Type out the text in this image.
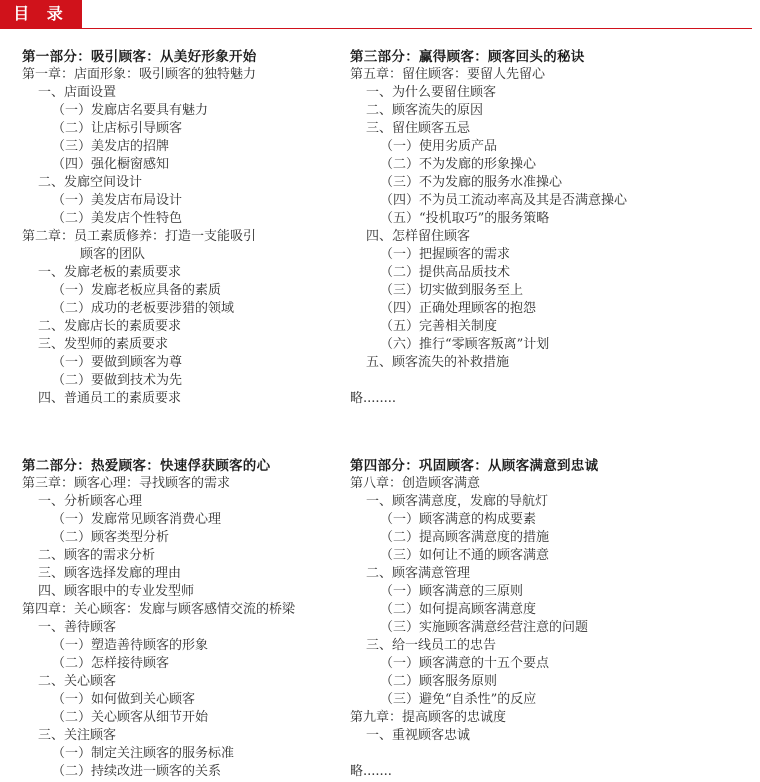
目 录
第一部分：吸引顾客：从美好形象开始
第一章：店面形象：吸引顾客的独特魅力
一、店面设置
（一）发廊店名要具有魅力
（二）让店标引导顾客
（三）美发店的招牌
（四）强化橱窗感知
二、发廊空间设计
（一）美发店布局设计
（二）美发店个性特色
第二章：员工素质修养：打造一支能吸引
顾客的团队
一、发廊老板的素质要求
（一）发廊老板应具备的素质
（二）成功的老板要涉猎的领域
二、发廊店长的素质要求
三、发型师的素质要求
（一）要做到顾客为尊
（二）要做到技术为先
四、普通员工的素质要求
第三部分：赢得顾客：顾客回头的秘诀
第五章：留住顾客：要留人先留心
一、为什么要留住顾客
二、顾客流失的原因
三、留住顾客五忌
（一）使用劣质产品
（二）不为发廊的形象操心
（三）不为发廊的服务水准操心
（四）不为员工流动率高及其是否满意操心
（五）“投机取巧”的服务策略
四、怎样留住顾客
（一）把握顾客的需求
（二）提供高品质技术
（三）切实做到服务至上
（四）正确处理顾客的抱怨
（五）完善相关制度
（六）推行“零顾客叛离”计划
五、顾客流失的补救措施
略........
第二部分：热爱顾客：快速俘获顾客的心
第三章：顾客心理：寻找顾客的需求
一、分析顾客心理
（一）发廊常见顾客消费心理
（二）顾客类型分析
二、顾客的需求分析
三、顾客选择发廊的理由
四、顾客眼中的专业发型师
第四章：关心顾客：发廊与顾客感情交流的桥梁
一、善待顾客
（一）塑造善待顾客的形象
（二）怎样接待顾客
二、关心顾客
（一）如何做到关心顾客
（二）关心顾客从细节开始
三、关注顾客
（一）制定关注顾客的服务标准
（二）持续改进一顾客的关系
第四部分：巩固顾客：从顾客满意到忠诚
第八章：创造顾客满意
一、顾客满意度，发廊的导航灯
（一）顾客满意的构成要素
（二）提高顾客满意度的措施
（三）如何让不通的顾客满意
二、顾客满意管理
（一）顾客满意的三原则
（二）如何提高顾客满意度
（三）实施顾客满意经营注意的问题
三、给一线员工的忠告
（一）顾客满意的十五个要点
（二）顾客服务原则
（三）避免“自杀性”的反应
第九章：提高顾客的忠诚度
一、重视顾客忠诚
略.......
